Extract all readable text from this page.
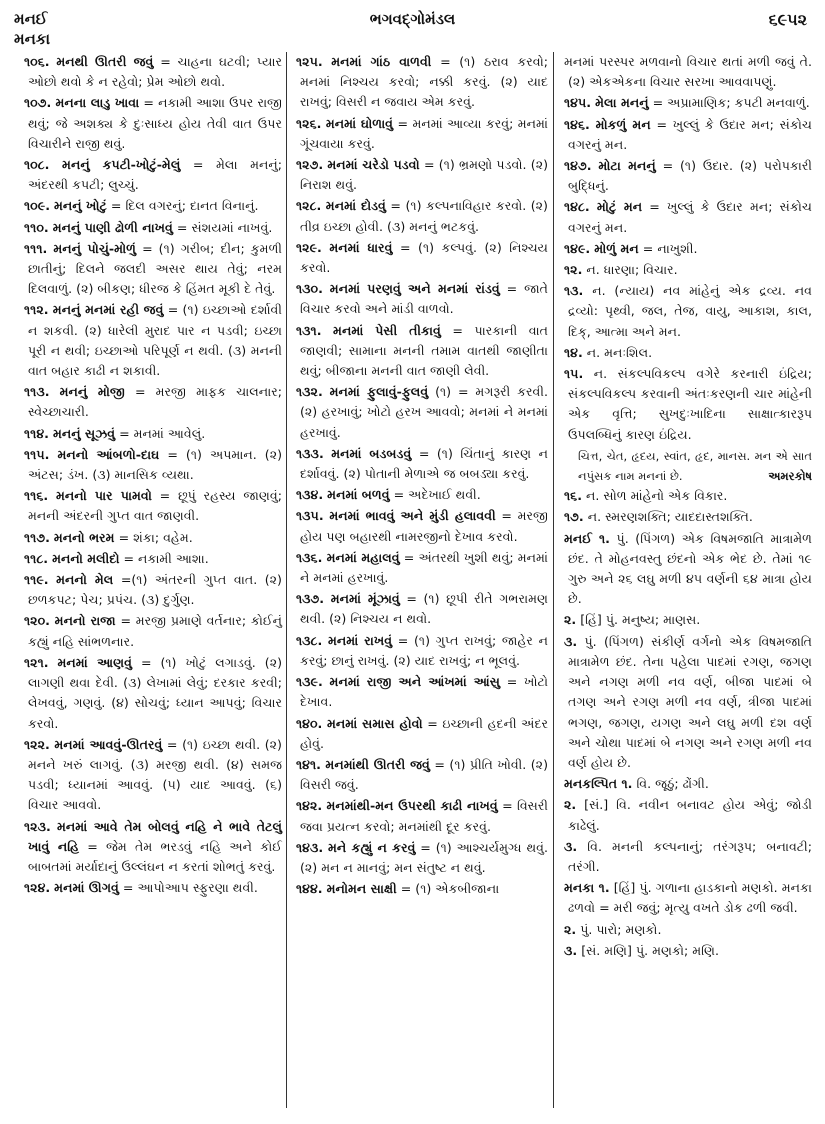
મનઈ
મનકા
ભગવદ્ગોમંડલ	૬૯૫૨
૧૦૬. મનથી ઊતરી જવું = ચાહના ઘટવી; પ્યાર ઓછો થવો કે ન રહેવો; પ્રેમ ઓછો થવો.
૧૦૭. મનના લાડુ ખાવા = નકામી આશા ઉપર રાજી થવું; જે અશક્ય કે દુઃસાધ્ય હોય તેવી વાત ઉપર વિચારીને રાજી થવું.
૧૦૮. મનનું કપટી-ખોટું-મેલું = મેલા મનનું; અંદરથી કપટી; લુચ્ચું.
૧૦૯. મનનું ખોટું = દિલ વગરનું; દાનત વિનાનું.
૧૧૦. મનનું પાણી ઢોળી નાખવું = સંશયમાં નાખવું.
૧૧૧. મનનું પોચું-મોળું = (૧) ગરીબ; દીન; કુમળી છાતીનું; દિલને જલદી અસર થાય તેવું; નરમ દિલવાળું. (૨) બીકણ; ધીરજ કે હિંમત મૂકી દે તેવું.
૧૧૨. મનનું મનમાં રહી જવું = (૧) ઇચ્છાઓ દર્શાવી ન શકવી. (૨) ધારેલી મુરાદ પાર ન પડવી; ઇચ્છા પૂરી ન થવી; ઇચ્છાઓ પરિપૂર્ણ ન થવી. (૩) મનની વાત બહાર કાઢી ન શકાવી.
૧૧૩. મનનું મોજી = મરજી માફક ચાલનાર; સ્વેચ્છાચારી.
૧૧૪. મનનું સૂઝવું = મનમાં આવેલું.
૧૧૫. મનનો આંબળો-દાઘ = (૧) અપમાન. (૨) અંટસ; ડંખ. (૩) માનસિક વ્યથા.
૧૧૬. મનનો પાર પામવો = છૂપું રહસ્ય જાણવું; મનની અંદરની ગુપ્ત વાત જાણવી.
૧૧૭. મનનો ભરમ = શંકા; વહેમ.
૧૧૮. મનનો મલીદો = નકામી આશા.
૧૧૯. મનનો મેલ =(૧) અંતરની ગુપ્ત વાત. (૨) છળકપટ; પેચ; પ્રપંચ. (૩) દુર્ગુણ.
૧૨૦. મનનો રાજા = મરજી પ્રમાણે વર્તનાર; કોઈનું કહ્યું નહિ સાંભળનાર.
૧૨૧. મનમાં આણવું = (૧) ખોટું લગાડવું. (૨) લાગણી થવા દેવી. (૩) લેખામાં લેવું; દરકાર કરવી; લેખવવું, ગણવું. (૪) સોચવું; ધ્યાન આપવું; વિચાર કરવો.
૧૨૨. મનમાં આવવું-ઊતરવું = (૧) ઇચ્છા થવી. (૨) મનને ખરું લાગવું. (૩) મરજી થવી. (૪) સમજ પડવી; ધ્યાનમાં આવવું. (૫) યાદ આવવું. (૬) વિચાર આવવો.
૧૨૩. મનમાં આવે તેમ બોલવું નહિ ને ભાવે તેટલું ખાવું નહિ = જેમ તેમ ભરડવું નહિ અને કોઈ બાબતમાં મર્યાદાનું ઉલ્લંઘન ન કરતાં શોભતું કરવું.
૧૨૪. મનમાં ઊગવું = આપોઆપ સ્ફુરણા થવી.
૧૨૫. મનમાં ગાંઠ વાળવી = (૧) ઠરાવ કરવો; મનમાં નિશ્ચય કરવો; નક્કી કરવું. (૨) યાદ રાખવું; વિસરી ન જવાય એમ કરવું.
૧૨૬. મનમાં ઘોળાવું = મનમાં આવ્યા કરવું; મનમાં ગૂંચવાયા કરવું.
૧૨૭. મનમાં ચરેડો પડવો = (૧) ભ્રમણો પડવો. (૨) નિરાશ થવું.
૧૨૮. મનમાં દોડવું = (૧) કલ્પનાવિહાર કરવો. (૨) તીવ્ર ઇચ્છા હોવી. (૩) મનનું ભટકવું.
૧૨૯. મનમાં ધારવું = (૧) કલ્પવું. (૨) નિશ્ચય કરવો.
૧૩૦. મનમાં પરણવું અને મનમાં રાંડવું = જાતે વિચાર કરવો અને માંડી વાળવો.
૧૩૧. મનમાં પેસી તીકાવું = પારકાની વાત જાણવી; સામાના મનની તમામ વાતથી જાણીતા થવું; બીજાના મનની વાત જાણી લેવી.
૧૩૨. મનમાં ફુલાવું-ફુલવું (૧) = મગરૂરી કરવી. (૨) હરખાવું; ખોટો હરખ આવવો; મનમાં ને મનમાં હરખાવું.
૧૩૩. મનમાં બડબડવું = (૧) ચિંતાનું કારણ ન દર્શાવવું. (૨) પોતાની મેળાએ જ બબડ્યા કરવું.
૧૩૪. મનમાં બળવું = અદેખાઈ થવી.
૧૩૫. મનમાં ભાવવું અને મુંડી હલાવવી = મરજી હોય પણ બહારથી નામરજીનો દેખાવ કરવો.
૧૩૬. મનમાં મહાલવું = અંતરથી ખુશી થવું; મનમાં ને મનમાં હરખાવું.
૧૩૭. મનમાં મૂંઝાવું = (૧) છૂપી રીતે ગભરામણ થવી. (૨) નિશ્ચય ન થવો.
૧૩૮. મનમાં રાખવું = (૧) ગુપ્ત રાખવું; જાહેર ન કરવું; છાનું રાખવું. (૨) યાદ રાખવું; ન ભૂલવું.
૧૩૯. મનમાં રાજી અને આંખમાં આંસુ = ખોટો દેખાવ.
૧૪૦. મનમાં સમાસ હોવો = ઇચ્છાની હદની અંદર હોવું.
૧૪૧. મનમાંથી ઊતરી જવું = (૧) પ્રીતિ ખોવી. (૨) વિસરી જવું.
૧૪૨. મનમાંથી-મન ઉપરથી કાઢી નાખવું = વિસરી જવા પ્રયત્ન કરવો; મનમાંથી દૂર કરવું.
૧૪૩. મને કહ્યું ન કરવું = (૧) આશ્ચર્યમુગ્ધ થવું. (૨) મન ન માનવું; મન સંતુષ્ટ ન થવું.
૧૪૪. મનોમન સાક્ષી = (૧) એકબીજાના
મનમાં પરસ્પર મળવાનો વિચાર થતાં મળી જવું તે. (૨) એકએકના વિચાર સરખા આવવાપણું.
૧૪૫. મેલા મનનું = અપ્રામાણિક; કપટી મનવાળું.
૧૪૬. મોકળું મન = ખુલ્લું કે ઉદાર મન; સંકોચ વગરનું મન.
૧૪૭. મોટા મનનું = (૧) ઉદાર. (૨) પરોપકારી બુદ્ધિનું.
૧૪૮. મોટું મન = ખુલ્લું કે ઉદાર મન; સંકોચ વગરનું મન.
૧૪૯. મોળું મન = નાખુશી.
૧૨. ન. ધારણા; વિચાર.
૧૩. ન. (ન્યાય) નવ માંહેનું એક દ્રવ્ય. નવ દ્રવ્યો: પૃથ્વી, જલ, તેજ, વાયુ, આકાશ, કાલ, દિક્, આત્મા અને મન.
૧૪. ન. મનઃશિલ.
૧૫. ન. સંકલ્પવિકલ્પ વગેરે કરનારી ઇંદ્રિય; સંકલ્પવિકલ્પ કરવાની અંતઃકરણની ચાર માંહેની એક વૃત્તિ; સુખદુઃખાદિના સાક્ષાત્કારરૂપ ઉપલબ્ધિનું કારણ ઇંદ્રિય.
ચિત્ત, ચેત, હૃદય, સ્વાંત, હૃદ, માનસ. મન એ સાત નપુંસક નામ મનનાં છે.	અમરકોષ
૧૬. ન. સોળ માંહેનો એક વિકાર.
૧૭. ન. સ્મરણશક્તિ; યાદદાસ્તશક્તિ.
મનઈ ૧. પું. (પિંગળ) એક વિષમજાતિ માત્રામેળ છંદ. તે મોહનવસ્તુ છંદનો એક ભેદ છે. તેમાં ૧૯ ગુરુ અને ૨૬ લઘુ મળી ૪૫ વર્ણની ૬૪ માત્રા હોય છે.
૨. [હિં] પું. મનુષ્ય; માણસ.
૩. પું. (પિંગળ) સંકીર્ણ વર્ગનો એક વિષમજાતિ માત્રામેળ છંદ. તેના પહેલા પાદમાં રગણ, જગણ અને નગણ મળી નવ વર્ણ, બીજા પાદમાં બે તગણ અને રગણ મળી નવ વર્ણ, ત્રીજા પાદમાં ભગણ, જગણ, યગણ અને લઘુ મળી દશ વર્ણ અને ચોથા પાદમાં બે નગણ અને રગણ મળી નવ વર્ણ હોય છે.
મનકલ્પિત ૧. વિ. જૂઠું; ઢોંગી.
૨. [સં.] વિ. નવીન બનાવટ હોય એવું; જોડી કાઢેલું.
૩. વિ. મનની કલ્પનાનું; તરંગરૂપ; બનાવટી; તરંગી.
મનકા ૧. [હિં] પું. ગળાના હાડકાનો મણકો. મનકા ઢળવો = મરી જવું; મૃત્યુ વખતે ડોક ઢળી જવી.
૨. પું. પારો; મણકો.
૩. [સં. મણિ] પું. મણકો; મણિ.
